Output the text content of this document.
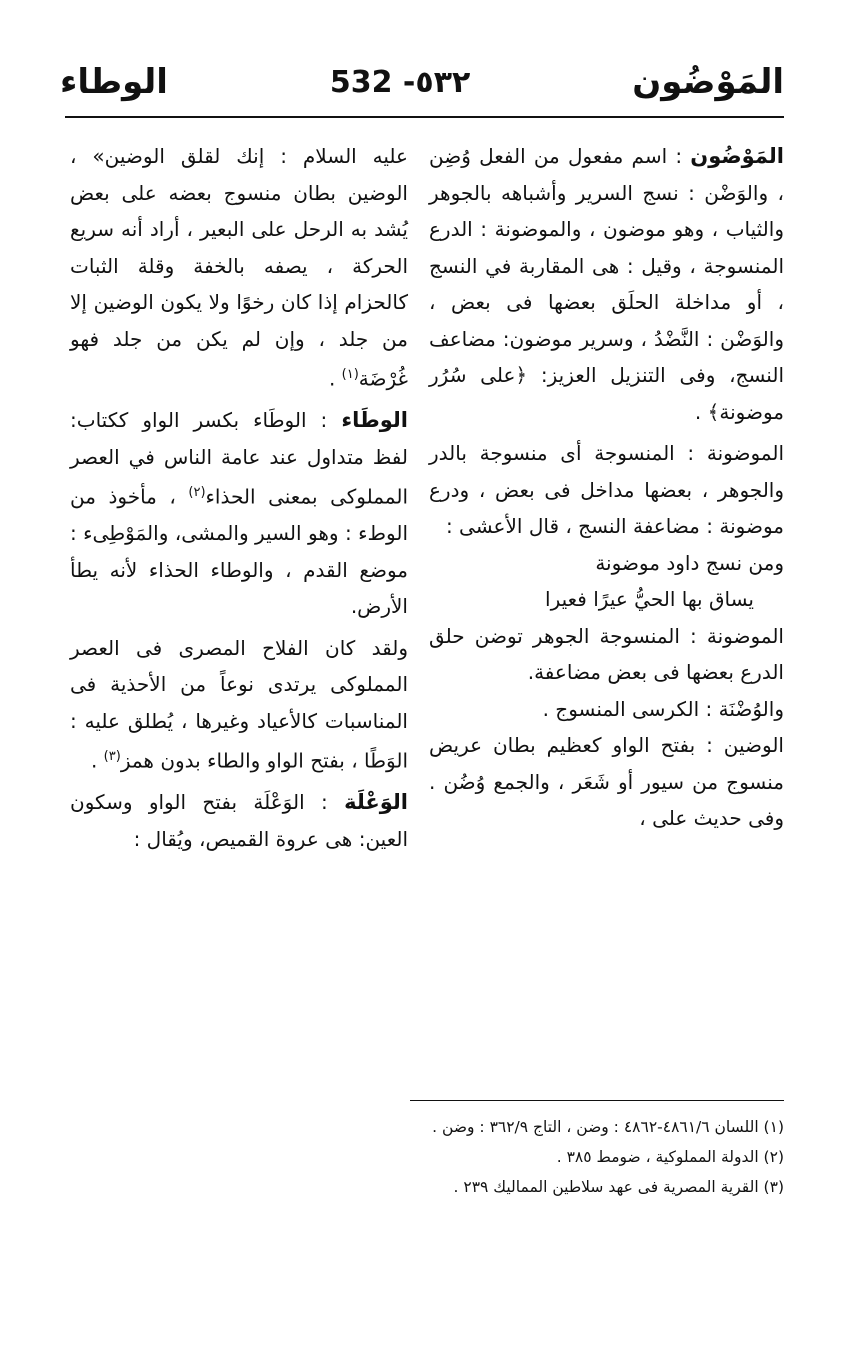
المَوْضُون
532 -٥٣٢
الوطاء

المَوْضُون : اسم مفعول من الفعل وُضِن ، والوَضْن : نسج السرير وأشباهه بالجوهر والثياب ، وهو موضون ، والموضونة : الدرع المنسوجة ، وقيل : هى المقاربة في النسج ، أو مداخلة الحلَق بعضها فى بعض ، والوَضْن : النَّضْدُ ، وسرير موضون: مضاعف النسج، وفى التنزيل العزيز: ﴿على سُرُر موضونة﴾ .

الموضونة : المنسوجة أى منسوجة بالدر والجوهر ، بعضها مداخل فى بعض ، ودرع موضونة : مضاعفة النسج ، قال الأعشى :

ومن نسج داود موضونة

يساق بها الحيُّ عيرًا فعيرا

الموضونة : المنسوجة الجوهر توضن حلق الدرع بعضها فى بعض مضاعفة.

والوُضْنَة : الكرسى المنسوج .

الوضين : بفتح الواو كعظيم بطان عريض منسوج من سيور أو شَعَر ، والجمع وُضُن . وفى حديث على ،

عليه السلام : إنك لقلق الوضين» ، الوضين بطان منسوج بعضه على بعض يُشد به الرحل على البعير ، أراد أنه سريع الحركة ، يصفه بالخفة وقلة الثبات كالحزام إذا كان رخوًا ولا يكون الوضين إلا من جلد ، وإن لم يكن من جلد فهو غُرْضَة$^{(١)}$ .

الوطَاء : الوطَاء بكسر الواو ككتاب: لفظ متداول عند عامة الناس في العصر المملوكى بمعنى الحذاء$^{(٢)}$ ، مأخوذ من الوطء : وهو السير والمشى، والمَوْطِىء : موضع القدم ، والوطاء الحذاء لأنه يطأ الأرض.

ولقد كان الفلاح المصرى فى العصر المملوكى يرتدى نوعاً من الأحذية فى المناسبات كالأعياد وغيرها ، يُطلق عليه : الوَطًا ، بفتح الواو والطاء بدون همز$^{(٣)}$ .

الوَعْلَة : الوَعْلَة بفتح الواو وسكون العين: هى عروة القميص، ويُقال :

(١) اللسان ٤٨٦١/٦-٤٨٦٢ : وضن ، التاج ٣٦٢/٩ : وضن .
(٢) الدولة المملوكية ، ضومط ٣٨٥ .
(٣) القرية المصرية فى عهد سلاطين المماليك ٢٣٩ .
